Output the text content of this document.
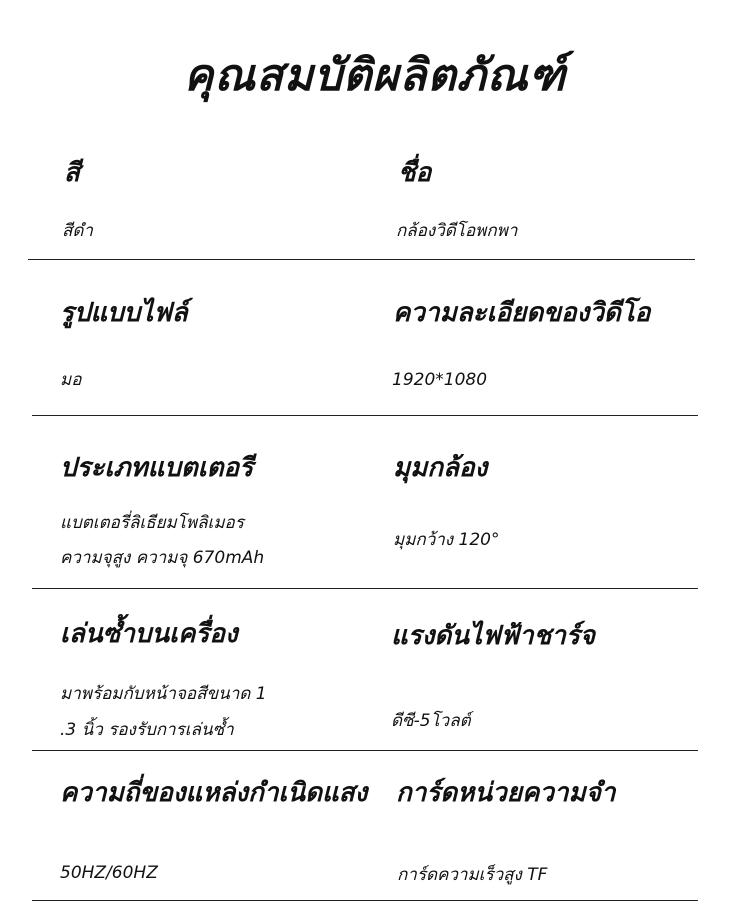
คุณสมบัติผลิตภัณฑ์
สี
สีดำ
ชื่อ
กล้องวิดีโอพกพา
รูปแบบไฟล์
มอ
ความละเอียดของวิดีโอ
1920*1080
ประเภทแบตเตอรี
แบตเตอรี่ลิเธียมโพลิเมอร
ความจุสูง ความจุ 670mAh
มุมกล้อง
มุมกว้าง 120°
เล่นซ้ำบนเครื่อง
มาพร้อมกับหน้าจอสีขนาด 1
.3 นิ้ว รองรับการเล่นซ้ำ
แรงดันไฟฟ้าชาร์จ
ดีซี-5โวลต์
ความถี่ของแหล่งกำเนิดแสง
50HZ/60HZ
การ์ดหน่วยความจำ
การ์ดความเร็วสูง TF
